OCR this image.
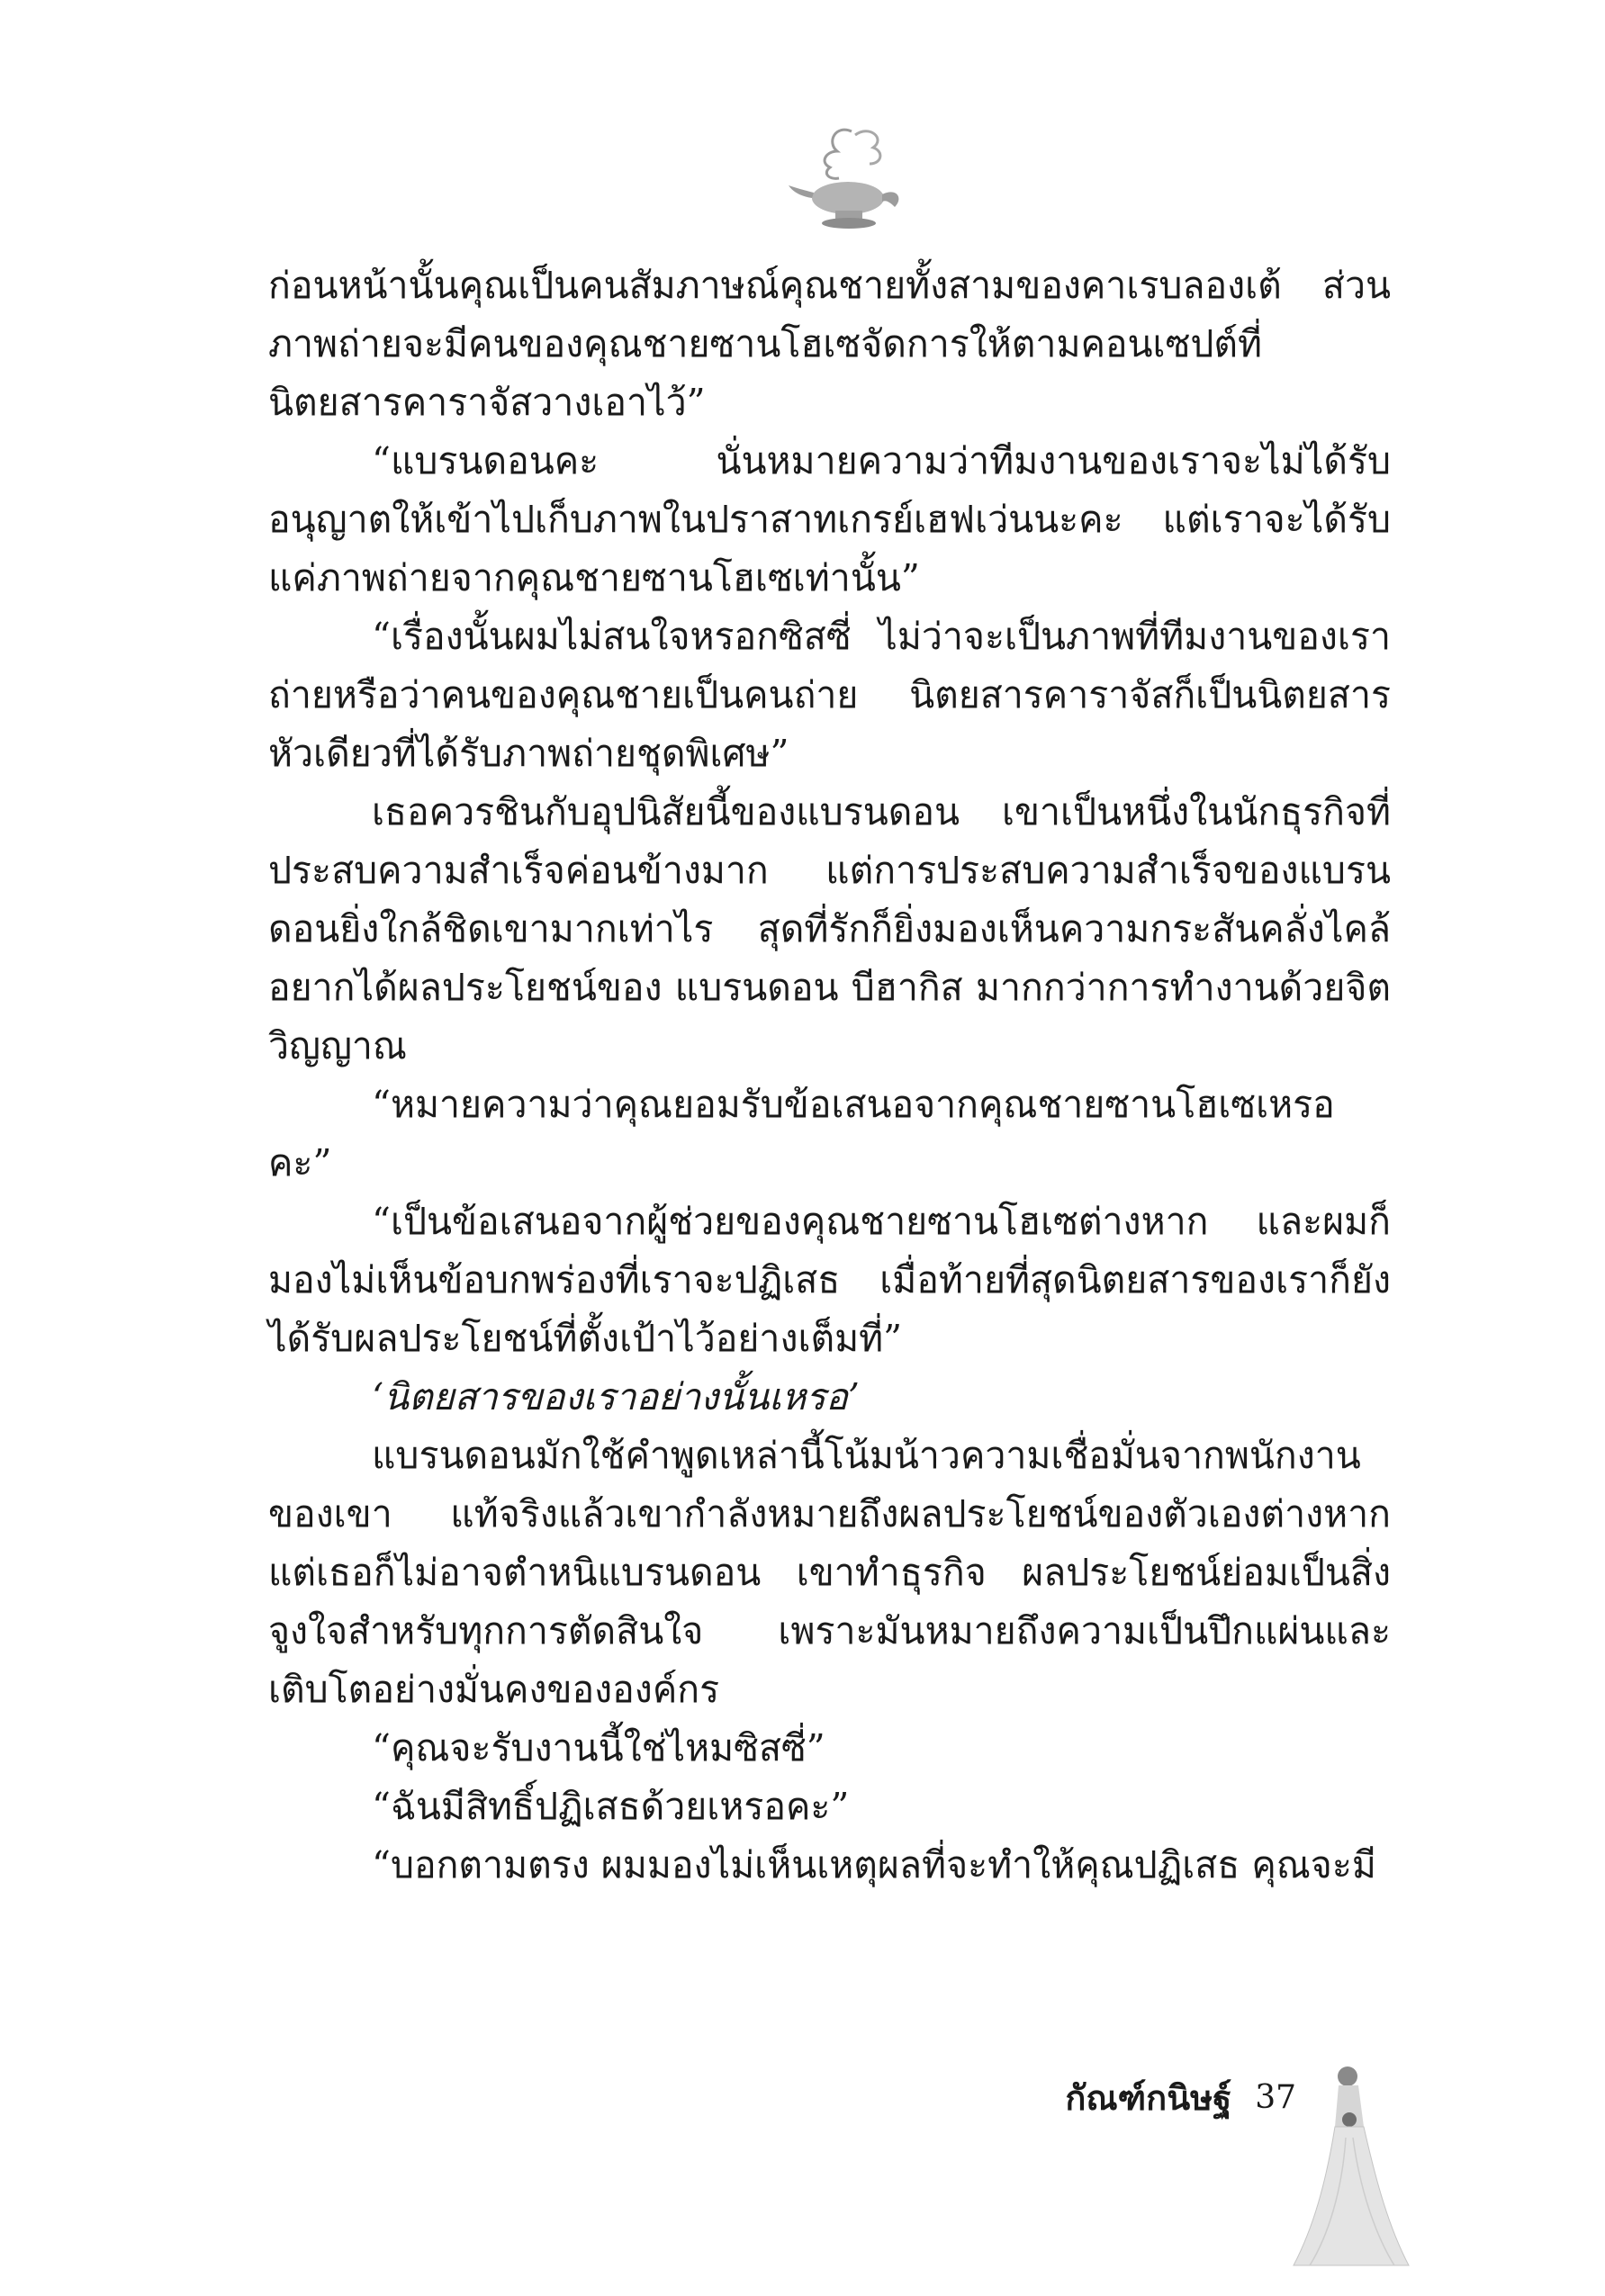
ก่อนหน้านั้นคุณเป็นคนสัมภาษณ์คุณชายทั้งสามของคาเรบลองเต้ ส่วนภาพถ่ายจะมีคนของคุณชายซานโฮเซจัดการให้ตามคอนเซปต์ที่นิตยสารคาราจัสวางเอาไว้”

“แบรนดอนคะ นั่นหมายความว่าทีมงานของเราจะไม่ได้รับอนุญาตให้เข้าไปเก็บภาพในปราสาทเกรย์เฮฟเว่นนะคะ แต่เราจะได้รับแค่ภาพถ่ายจากคุณชายซานโฮเซเท่านั้น”

“เรื่องนั้นผมไม่สนใจหรอกซิสซี่ ไม่ว่าจะเป็นภาพที่ทีมงานของเราถ่ายหรือว่าคนของคุณชายเป็นคนถ่าย นิตยสารคาราจัสก็เป็นนิตยสารหัวเดียวที่ได้รับภาพถ่ายชุดพิเศษ”

เธอควรชินกับอุปนิสัยนี้ของแบรนดอน เขาเป็นหนึ่งในนักธุรกิจที่ประสบความสำเร็จค่อนข้างมาก แต่การประสบความสำเร็จของแบรนดอนยิ่งใกล้ชิดเขามากเท่าไร สุดที่รักก็ยิ่งมองเห็นความกระสันคลั่งไคล้อยากได้ผลประโยชน์ของ แบรนดอน บีฮากิส มากกว่าการทำงานด้วยจิตวิญญาณ

“หมายความว่าคุณยอมรับข้อเสนอจากคุณชายซานโฮเซเหรอคะ”

“เป็นข้อเสนอจากผู้ช่วยของคุณชายซานโฮเซต่างหาก และผมก็มองไม่เห็นข้อบกพร่องที่เราจะปฏิเสธ เมื่อท้ายที่สุดนิตยสารของเราก็ยังได้รับผลประโยชน์ที่ตั้งเป้าไว้อย่างเต็มที่”

‘นิตยสารของเราอย่างนั้นเหรอ’

แบรนดอนมักใช้คำพูดเหล่านี้โน้มน้าวความเชื่อมั่นจากพนักงานของเขา แท้จริงแล้วเขากำลังหมายถึงผลประโยชน์ของตัวเองต่างหาก แต่เธอก็ไม่อาจตำหนิแบรนดอน เขาทำธุรกิจ ผลประโยชน์ย่อมเป็นสิ่งจูงใจสำหรับทุกการตัดสินใจ เพราะมันหมายถึงความเป็นปึกแผ่นและเติบโตอย่างมั่นคงขององค์กร

“คุณจะรับงานนี้ใช่ไหมซิสซี่”

“ฉันมีสิทธิ์ปฏิเสธด้วยเหรอคะ”

“บอกตามตรง ผมมองไม่เห็นเหตุผลที่จะทำให้คุณปฏิเสธ คุณจะมี

กัณฑ์กนิษฐ์ 37
